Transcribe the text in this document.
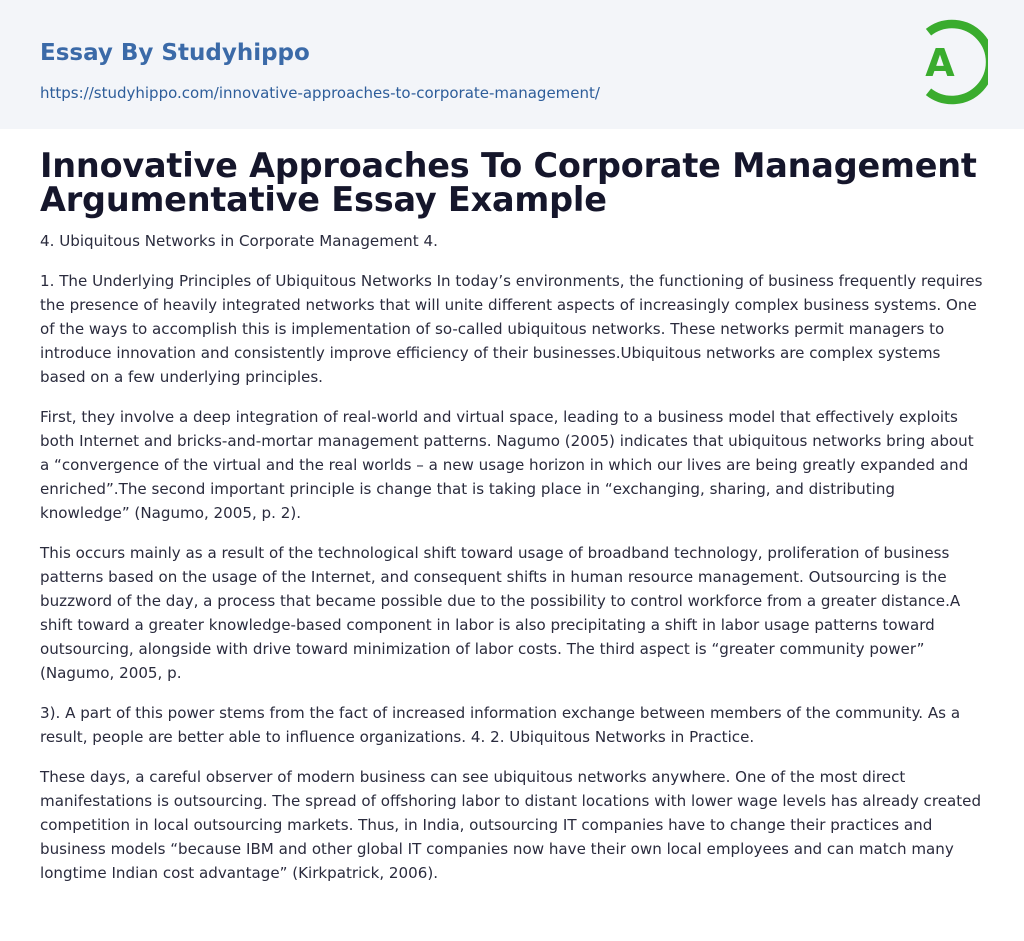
Essay By Studyhippo
https://studyhippo.com/innovative-approaches-to-corporate-management/
A
Innovative Approaches To Corporate Management Argumentative Essay Example

4. Ubiquitous Networks in Corporate Management 4.

1. The Underlying Principles of Ubiquitous Networks In today’s environments, the functioning of business frequently requires the presence of heavily integrated networks that will unite different aspects of increasingly complex business systems. One of the ways to accomplish this is implementation of so-called ubiquitous networks. These networks permit managers to introduce innovation and consistently improve efficiency of their businesses.Ubiquitous networks are complex systems based on a few underlying principles.

First, they involve a deep integration of real-world and virtual space, leading to a business model that effectively exploits both Internet and bricks-and-mortar management patterns. Nagumo (2005) indicates that ubiquitous networks bring about a “convergence of the virtual and the real worlds – a new usage horizon in which our lives are being greatly expanded and enriched”.The second important principle is change that is taking place in “exchanging, sharing, and distributing knowledge” (Nagumo, 2005, p. 2).

This occurs mainly as a result of the technological shift toward usage of broadband technology, proliferation of business patterns based on the usage of the Internet, and consequent shifts in human resource management. Outsourcing is the buzzword of the day, a process that became possible due to the possibility to control workforce from a greater distance.A shift toward a greater knowledge-based component in labor is also precipitating a shift in labor usage patterns toward outsourcing, alongside with drive toward minimization of labor costs. The third aspect is “greater community power” (Nagumo, 2005, p.

3). A part of this power stems from the fact of increased information exchange between members of the community. As a result, people are better able to influence organizations. 4. 2. Ubiquitous Networks in Practice.

These days, a careful observer of modern business can see ubiquitous networks anywhere. One of the most direct manifestations is outsourcing. The spread of offshoring labor to distant locations with lower wage levels has already created competition in local outsourcing markets. Thus, in India, outsourcing IT companies have to change their practices and business models “because IBM and other global IT companies now have their own local employees and can match many longtime Indian cost advantage” (Kirkpatrick, 2006).
